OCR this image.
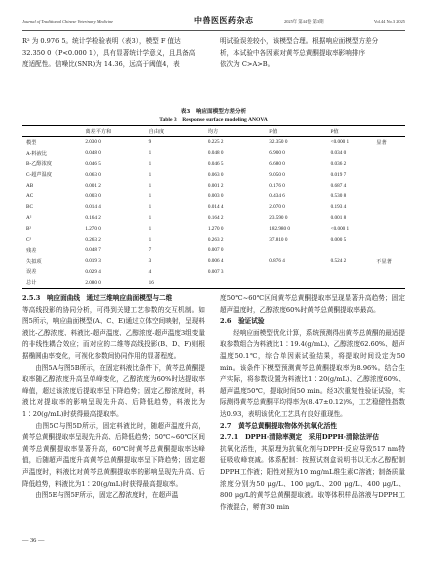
Journal of Traditional Chinese Veterinary Medicine	中兽医医药杂志	2025年 第44卷 第3期	Vol.44 No.3 2025

R² 为 0.976 5。统计学检验表明（表3），模型 F 值达

32.350 0（P<0.000 1），具有显著统计学意义，且具备高

度适配性。信噪比(SNR)为 14.36，远高于阈值4，表

明试验误差较小，该模型合理。根据响应面模型方差分

析，本试验中各因素对黄芩总黄酮提取率影响排序

依次为 C>A>B。

表3　响应面模型方差分析
Table 3　Response surface modeling ANOVA
	离差平方和	自由度	均方	F值	P值	
模型	2.030 0	9	0.225 2	32.350 0	<0.000 1	显著
A-料液比	0.048 0	1	0.048 0	6.900 0	0.034 0	
B-乙醇浓度	0.046 5	1	0.046 5	6.680 0	0.036 2	
C-超声温度	0.063 0	1	0.063 0	9.050 0	0.019 7	
AB	0.001 2	1	0.001 2	0.176 0	0.687 4	
AC	0.003 0	1	0.003 0	0.434 6	0.530 8	
BC	0.014 4	1	0.014 4	2.070 0	0.193 4	
A²	0.164 2	1	0.164 2	23.590 0	0.001 8	
B²	1.270 0	1	1.270 0	182.980 0	<0.000 1	
C²	0.263 2	1	0.263 2	37.810 0	0.000 5	
残差	0.048 7	7	0.007 0			
失拟项	0.019 3	3	0.006 4	0.876 4	0.524 2	不显著
误差	0.029 4	4	0.007 3			
总计	2.080 0	16				

2.5.3　响应面曲线　通过三维响应曲面模型与二维

等高线投影的协同分析，可得到关键工艺参数的交互机制。如图5所示，响应曲面模型(A、C、E)通过立体空间映射，呈现料液比-乙醇浓度、料液比-超声温度、乙醇浓度-超声温度3组变量的非线性耦合效应；而对应的二维等高线投影(B、D、F)则根据椭圆曲率变化，可视化参数间协同作用的显著程度。

　　由图5A与图5B所示，在固定料液比条件下，黄芩总黄酮提取率随乙醇浓度升高呈单峰变化，乙醇浓度为60%时达提取率峰值，超过该浓度后提取率呈下降趋势；固定乙醇浓度时，料液比对提取率的影响呈现先升高、后降低趋势，料液比为1∶20(g/mL)时获得最高提取率。

　　由图5C与图5D所示，固定料液比时，随超声温度升高，黄芩总黄酮提取率呈现先升高、后降低趋势；50℃~60℃区间黄芩总黄酮提取率显著升高，60℃时黄芩总黄酮提取率达峰值，后随超声温度升高黄芩总黄酮提取率呈下降趋势；固定超声温度时，料液比对黄芩总黄酮提取率的影响呈现先升高、后降低趋势，料液比为1∶20(g/mL)时获得最高提取率。

　　由图5E与图5F所示，固定乙醇浓度时，在超声温

度50℃~60℃区间黄芩总黄酮提取率呈现显著升高趋势；固定超声温度时，乙醇浓度60%时黄芩总黄酮提取率最高。

2.6　验证试验

　　经响应面模型优化计算，系统预测得出黄芩总黄酮的最适提取参数组合为料液比1∶19.4(g/mL)、乙醇浓度62.60%、超声温度50.1℃，综合单因素试验结果，将提取时间设定为50 min。该条件下模型预测黄芩总黄酮提取率为8.96%。结合生产实际，将参数设置为料液比1∶20(g/mL)、乙醇浓度60%、超声温度50℃，提取时间50 min。经3次重复性验证试验，实际测得黄芩总黄酮平均得率为(8.47±0.12)%，工艺稳健性指数达0.93，表明该优化工艺具有良好重现性。

2.7　黄芩总黄酮提取物体外抗氧化活性

2.7.1　DPPH·清除率测定　采用DPPH·清除法评估

抗氧化活性，其原理为抗氧化剂与DPPH·反应导致517 nm特征吸收峰衰减。体系配制：按照试剂盒说明书以无水乙醇配制DPPH工作液；阳性对照为10 mg/mL维生素C溶液；制备质量浓度分别为50 μg/L、100 μg/L、200 μg/L、400 μg/L、800 μg/L的黄芩总黄酮提取液。取等体积样品溶液与DPPH工作液混合，孵育30 min

— 36 —
